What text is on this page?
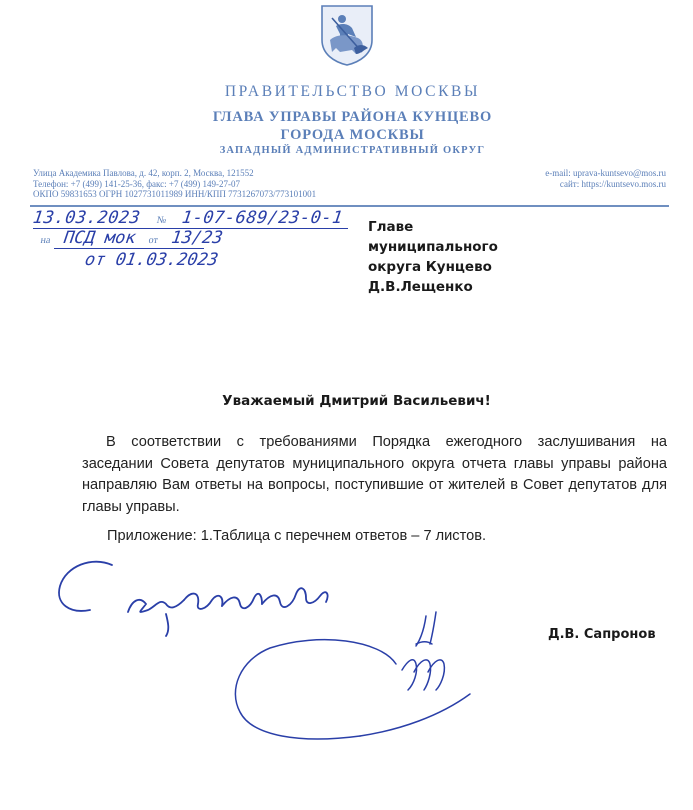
ПРАВИТЕЛЬСТВО МОСКВЫ
ГЛАВА УПРАВЫ РАЙОНА КУНЦЕВО
ГОРОДА МОСКВЫ
ЗАПАДНЫЙ АДМИНИСТРАТИВНЫЙ ОКРУГ
Улица Академика Павлова, д. 42, корп. 2, Москва, 121552
Телефон: +7 (499) 141-25-36, факс: +7 (499) 149-27-07
ОКПО 59831653 ОГРН 1027731011989 ИНН/КПП 7731267073/773101001
e-mail: uprava-kuntsevo@mos.ru
сайт: https://kuntsevo.mos.ru
13.03.2023 № 1-07-689/23-0-1
на ПСД мок от 13/23
от 01.03.2023
Главе
муниципального
округа Кунцево
Д.В.Лещенко
Уважаемый Дмитрий Васильевич!
В соответствии с требованиями Порядка ежегодного заслушивания на
заседании Совета депутатов муниципального округа отчета главы управы района
направляю Вам ответы на вопросы, поступившие от жителей в Совет депутатов для
главы управы.
Приложение: 1.Таблица с перечнем ответов – 7 листов.
Д.В. Сапронов
